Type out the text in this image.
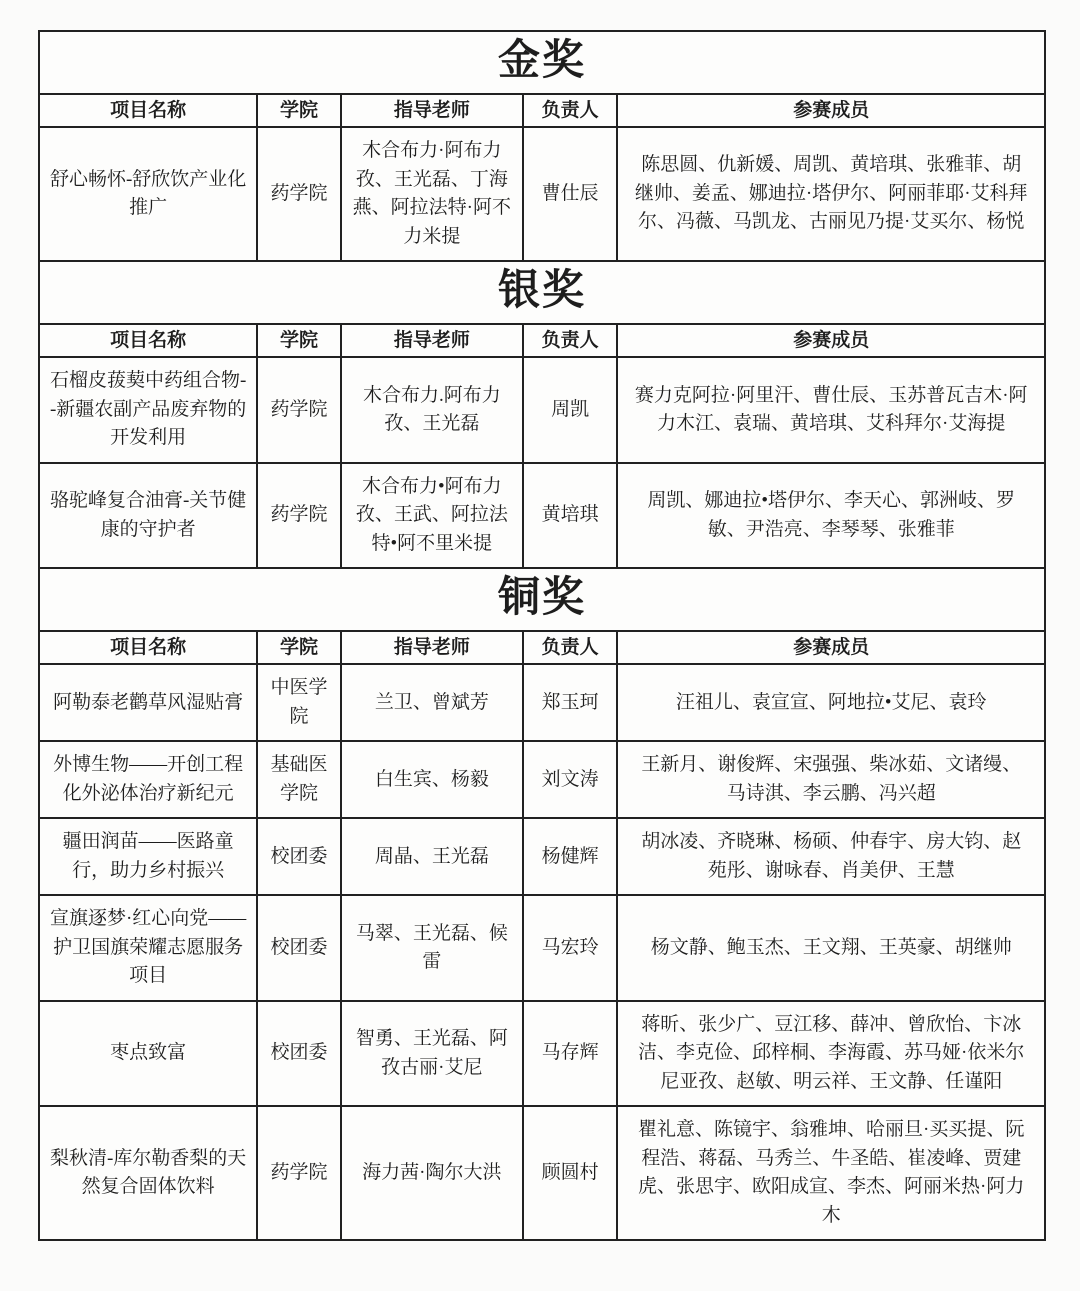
金奖				
项目名称	学院	指导老师	负责人	参赛成员
舒心畅怀-舒欣饮产业化推广	药学院	木合布力·阿布力孜、王光磊、丁海燕、阿拉法特·阿不力米提	曹仕辰	陈思圆、仇新媛、周凯、黄培琪、张雅菲、胡继帅、姜孟、娜迪拉·塔伊尔、阿丽菲耶·艾科拜尔、冯薇、马凯龙、古丽见乃提·艾买尔、杨悦
银奖				
项目名称	学院	指导老师	负责人	参赛成员
石榴皮菝葜中药组合物--新疆农副产品废弃物的开发利用	药学院	木合布力.阿布力孜、王光磊	周凯	赛力克阿拉·阿里汗、曹仕辰、玉苏普瓦吉木·阿力木江、袁瑞、黄培琪、艾科拜尔·艾海提
骆驼峰复合油膏-关节健康的守护者	药学院	木合布力•阿布力孜、王武、阿拉法特•阿不里米提	黄培琪	周凯、娜迪拉•塔伊尔、李天心、郭洲岐、罗敏、尹浩亮、李琴琴、张雅菲
铜奖				
项目名称	学院	指导老师	负责人	参赛成员
阿勒泰老鹳草风湿贴膏	中医学院	兰卫、曾斌芳	郑玉珂	汪祖儿、袁宣宣、阿地拉•艾尼、袁玲
外博生物——开创工程化外泌体治疗新纪元	基础医学院	白生宾、杨毅	刘文涛	王新月、谢俊辉、宋强强、柴冰茹、文诸缦、马诗淇、李云鹏、冯兴超
疆田润苗——医路童行，助力乡村振兴	校团委	周晶、王光磊	杨健辉	胡冰凌、齐晓琳、杨硕、仲春宇、房大钧、赵苑彤、谢咏春、肖美伊、王慧
宣旗逐梦·红心向党——护卫国旗荣耀志愿服务项目	校团委	马翠、王光磊、候雷	马宏玲	杨文静、鲍玉杰、王文翔、王英豪、胡继帅
枣点致富	校团委	智勇、王光磊、阿孜古丽·艾尼	马存辉	蒋昕、张少广、豆江移、薛冲、曾欣怡、卞冰洁、李克俭、邱梓桐、李海霞、苏马娅·依米尔尼亚孜、赵敏、明云祥、王文静、任谨阳
梨秋清-库尔勒香梨的天然复合固体饮料	药学院	海力茜·陶尔大洪	顾圆村	瞿礼意、陈镜宇、翁雅坤、哈丽旦·买买提、阮程浩、蒋磊、马秀兰、牛圣皓、崔凌峰、贾建虎、张思宇、欧阳成宣、李杰、阿丽米热·阿力木
